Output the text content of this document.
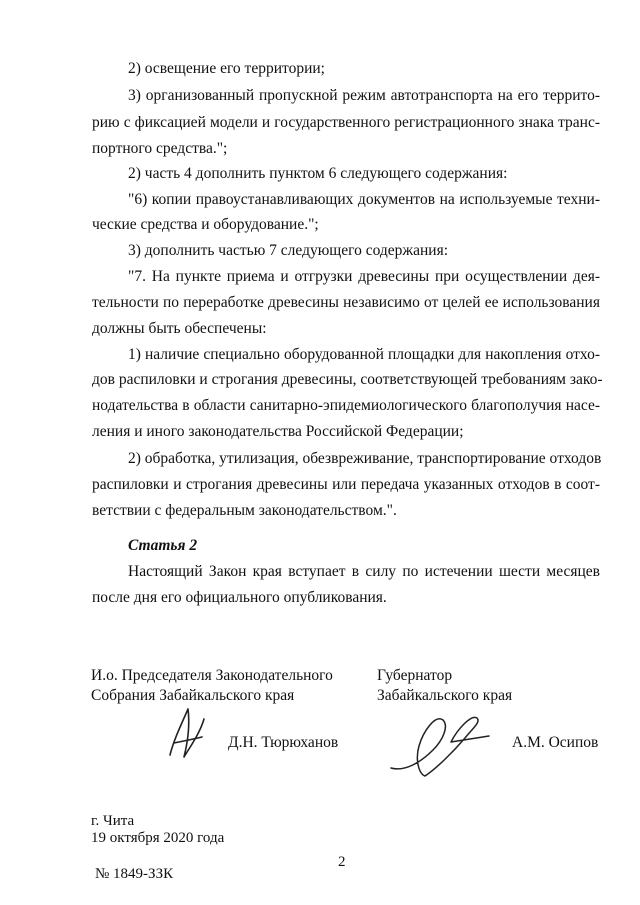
2) освещение его территории;
3) организованный пропускной режим автотранспорта на его террито-
рию с фиксацией модели и государственного регистрационного знака транс-
портного средства.";
2) часть 4 дополнить пунктом 6 следующего содержания:
"6) копии правоустанавливающих документов на используемые техни-
ческие средства и оборудование.";
3) дополнить частью 7 следующего содержания:
"7. На пункте приема и отгрузки древесины при осуществлении дея-
тельности по переработке древесины независимо от целей ее использования
должны быть обеспечены:
1) наличие специально оборудованной площадки для накопления отхо-
дов распиловки и строгания древесины, соответствующей требованиям зако-
нодательства в области санитарно-эпидемиологического благополучия насе-
ления и иного законодательства Российской Федерации;
2) обработка, утилизация, обезвреживание, транспортирование отходов
распиловки и строгания древесины или передача указанных отходов в соот-
ветствии с федеральным законодательством.".
Статья 2
Настоящий Закон края вступает в силу по истечении шести месяцев
после дня его официального опубликования.
И.о. Председателя Законодательного
Собрания Забайкальского края
Губернатор
Забайкальского края
Д.Н. Тюрюханов	А.М. Осипов
г. Чита
19 октября 2020 года
2
№ 1849-ЗЗК
